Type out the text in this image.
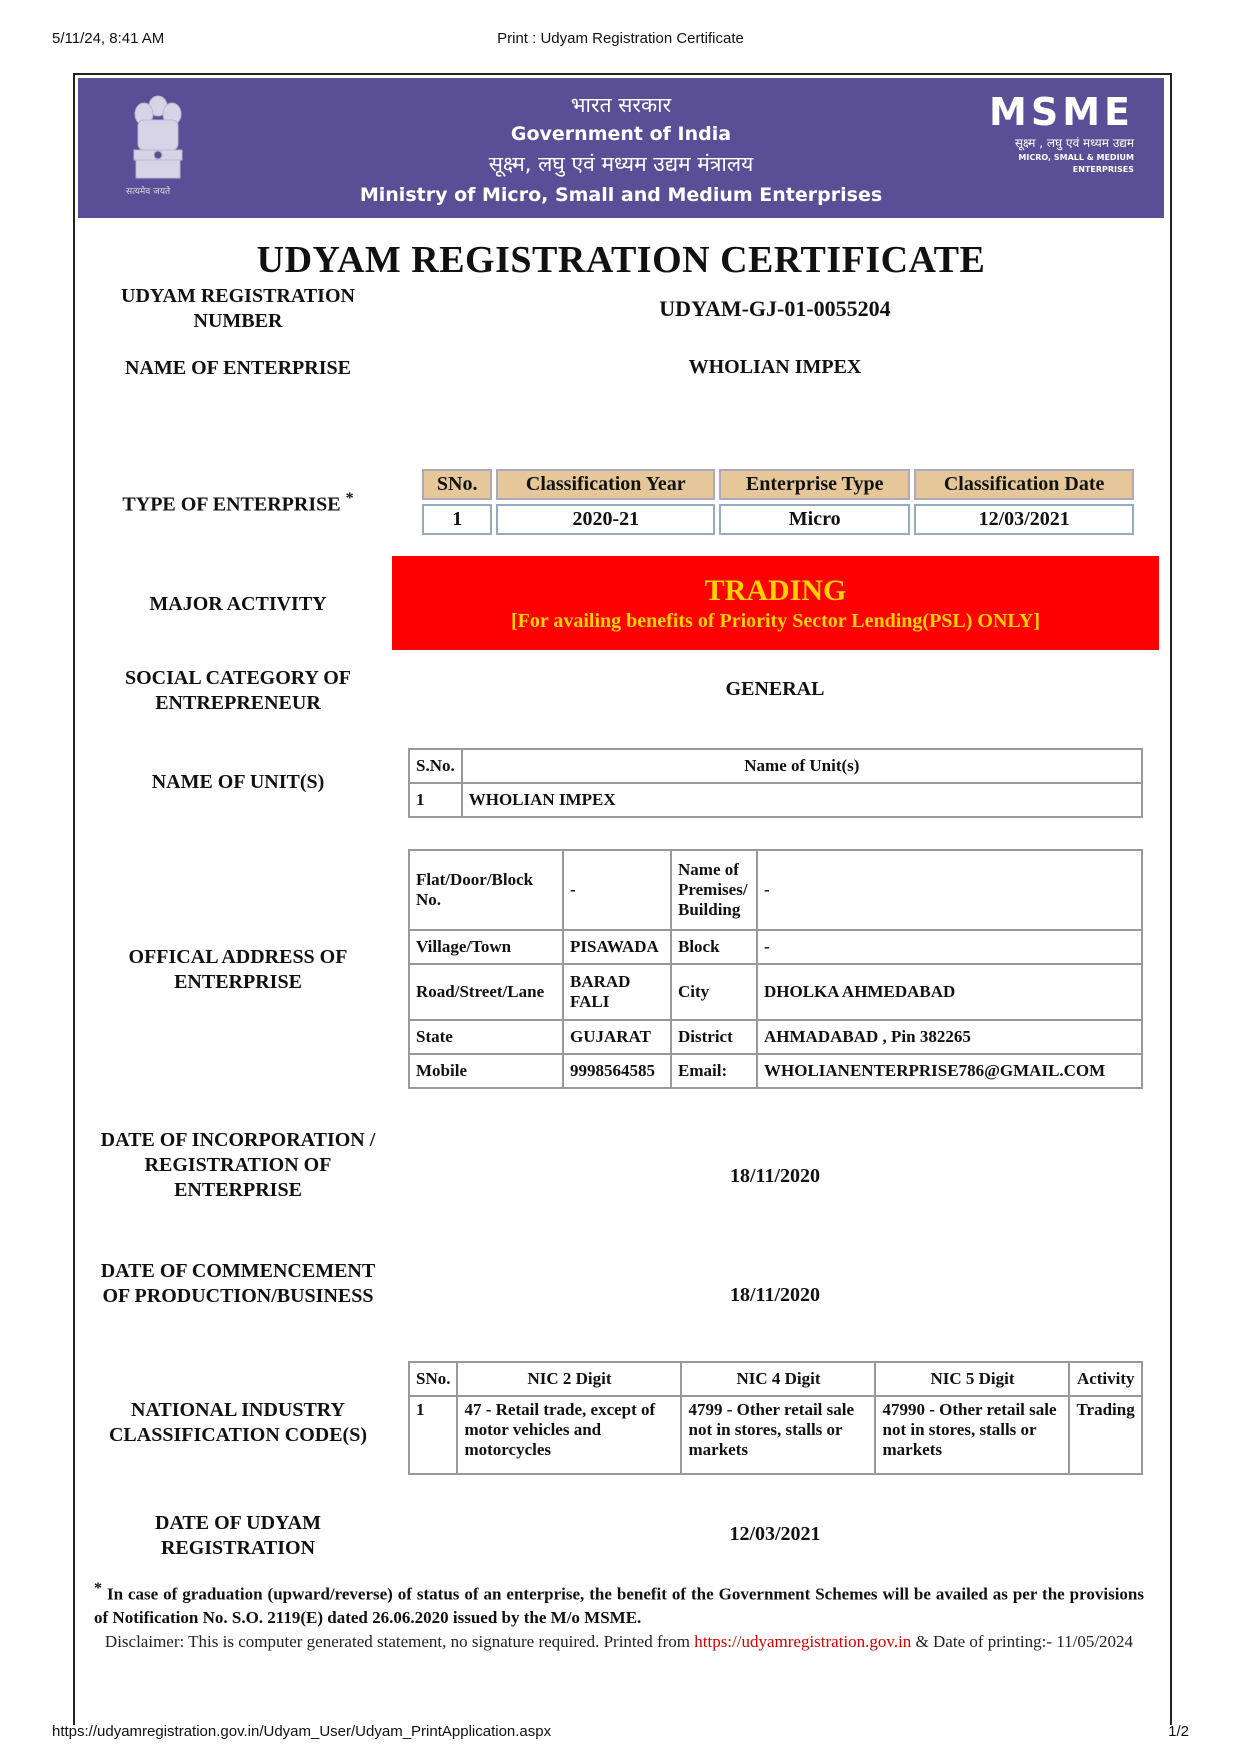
5/11/24, 8:41 AM	Print : Udyam Registration Certificate
सत्यमेव जयते
भारत सरकार
Government of India
सूक्ष्म, लघु एवं मध्यम उद्यम मंत्रालय
Ministry of Micro, Small and Medium Enterprises
MSME
सूक्ष्म , लघु एवं मध्यम उद्यम
MICRO, SMALL & MEDIUM ENTERPRISES
UDYAM REGISTRATION CERTIFICATE
UDYAM REGISTRATION NUMBER	UDYAM-GJ-01-0055204
NAME OF ENTERPRISE	WHOLIAN IMPEX
TYPE OF ENTERPRISE *
SNo.	Classification Year	Enterprise Type	Classification Date
1	2020-21	Micro	12/03/2021
MAJOR ACTIVITY	TRADING
[For availing benefits of Priority Sector Lending(PSL) ONLY]
SOCIAL CATEGORY OF ENTREPRENEUR
GENERAL
NAME OF UNIT(S)
S.No.	Name of Unit(s)
1	WHOLIAN IMPEX
OFFICAL ADDRESS OF ENTERPRISE
Flat/Door/Block No.	-	Name of Premises/ Building	-
Village/Town	PISAWADA	Block	-
Road/Street/Lane	BARAD FALI	City	DHOLKA AHMEDABAD
State	GUJARAT	District	AHMADABAD , Pin 382265
Mobile	9998564585	Email:	WHOLIANENTERPRISE786@GMAIL.COM
DATE OF INCORPORATION / REGISTRATION OF ENTERPRISE
18/11/2020
DATE OF COMMENCEMENT OF PRODUCTION/BUSINESS	18/11/2020
NATIONAL INDUSTRY CLASSIFICATION CODE(S)
SNo.	NIC 2 Digit	NIC 4 Digit	NIC 5 Digit	Activity
1	47 - Retail trade, except of motor vehicles and motorcycles	4799 - Other retail sale not in stores, stalls or markets	47990 - Other retail sale not in stores, stalls or markets	Trading
DATE OF UDYAM REGISTRATION
12/03/2021
* In case of graduation (upward/reverse) of status of an enterprise, the benefit of the Government Schemes will be availed as per the provisions of Notification No. S.O. 2119(E) dated 26.06.2020 issued by the M/o MSME.
Disclaimer: This is computer generated statement, no signature required. Printed from https://udyamregistration.gov.in & Date of printing:- 11/05/2024
https://udyamregistration.gov.in/Udyam_User/Udyam_PrintApplication.aspx	1/2
